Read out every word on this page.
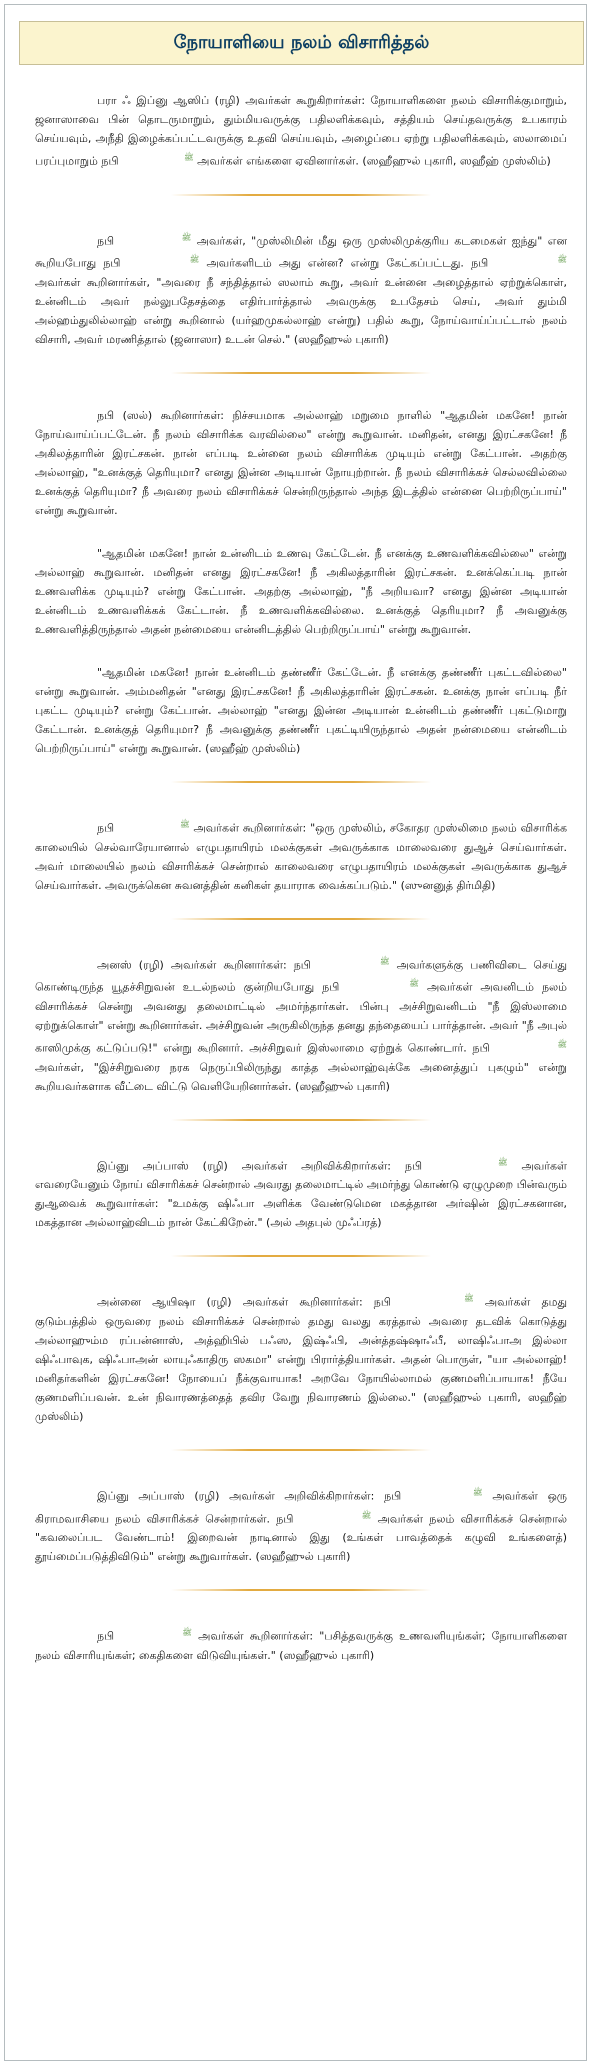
நோயாளியை நலம் விசாரித்தல்

பரா ஃ இப்னு ஆஸிப் (ரழி) அவர்கள் கூறுகிறார்கள்: நோயாளிகளை நலம் விசாரிக்குமாறும், ஜனாஸாவை பின் தொடருமாறும், தும்மியவருக்கு பதிலளிக்கவும், சத்தியம் செய்தவருக்கு உபகாரம் செய்யவும், அநீதி இழைக்கப்பட்டவருக்கு உதவி செய்யவும், அழைப்பை ஏற்று பதிலளிக்கவும், ஸலாமைப் பரப்புமாறும் நபி	ﷺ அவர்கள் எங்களை ஏவினார்கள். (ஸஹீஹுல் புகாரி, ஸஹீஹ் முஸ்லிம்)

நபி	ﷺ அவர்கள், "முஸ்லிமின் மீது ஒரு முஸ்லிமுக்குரிய கடமைகள் ஐந்து" என கூறியபோது நபி	ﷺ அவர்களிடம் அது என்ன? என்று கேட்கப்பட்டது. நபி	ﷺ அவர்கள் கூறினார்கள், "அவரை நீ சந்தித்தால் ஸலாம் கூறு, அவர் உன்னை அழைத்தால் ஏற்றுக்கொள், உன்னிடம் அவர் நல்லுபதேசத்தை எதிர்பார்த்தால் அவருக்கு உபதேசம் செய், அவர் தும்மி அல்ஹம்துலில்லாஹ் என்று கூறினால் (யர்ஹமுகல்லாஹ் என்று) பதில் கூறு, நோய்வாய்ப்பட்டால் நலம் விசாரி, அவர் மரணித்தால் (ஜனாஸா) உடன் செல்." (ஸஹீஹுல் புகாரி)

நபி (ஸல்) கூறினார்கள்: நிச்சயமாக அல்லாஹ் மறுமை நாளில் "ஆதமின் மகனே! நான் நோய்வாய்ப்பட்டேன். நீ நலம் விசாரிக்க வரவில்லை" என்று கூறுவான். மனிதன், எனது இரட்சகனே! நீ அகிலத்தாரின் இரட்சகன். நான் எப்படி உன்னை நலம் விசாரிக்க முடியும் என்று கேட்பான். அதற்கு அல்லாஹ், "உனக்குத் தெரியுமா? எனது இன்ன அடியான் நோயுற்றான். நீ நலம் விசாரிக்கச் செல்லவில்லை உனக்குத் தெரியுமா? நீ அவரை நலம் விசாரிக்கச் சென்றிருந்தால் அந்த இடத்தில் என்னை பெற்றிருப்பாய்" என்று கூறுவான்.

"ஆதமின் மகனே! நான் உன்னிடம் உணவு கேட்டேன். நீ எனக்கு உணவளிக்கவில்லை" என்று அல்லாஹ் கூறுவான். மனிதன் எனது இரட்சகனே! நீ அகிலத்தாரின் இரட்சகன். உனக்கெப்படி நான் உணவளிக்க முடியும்? என்று கேட்பான். அதற்கு அல்லாஹ், "நீ அறியவா? எனது இன்ன அடியான் உன்னிடம் உணவளிக்கக் கேட்டான். நீ உணவளிக்கவில்லை. உனக்குத் தெரியுமா? நீ அவனுக்கு உணவளித்திருந்தால் அதன் நன்மையை என்னிடத்தில் பெற்றிருப்பாய்" என்று கூறுவான்.

"ஆதமின் மகனே! நான் உன்னிடம் தண்ணீர் கேட்டேன். நீ எனக்கு தண்ணீர் புகட்டவில்லை" என்று கூறுவான். அம்மனிதன் "எனது இரட்சகனே! நீ அகிலத்தாரின் இரட்சகன். உனக்கு நான் எப்படி நீர் புகட்ட முடியும்? என்று கேட்பான். அல்லாஹ் "எனது இன்ன அடியான் உன்னிடம் தண்ணீர் புகட்டுமாறு கேட்டான். உனக்குத் தெரியுமா? நீ அவனுக்கு தண்ணீர் புகட்டியிருந்தால் அதன் நன்மையை என்னிடம் பெற்றிருப்பாய்" என்று கூறுவான். (ஸஹீஹ் முஸ்லிம்)

நபி	ﷺ அவர்கள் கூறினார்கள்: "ஒரு முஸ்லிம், சகோதர முஸ்லிமை நலம் விசாரிக்க காலையில் செல்வாரேயானால் எழுபதாயிரம் மலக்குகள் அவருக்காக மாலைவரை துஆச் செய்வார்கள். அவர் மாலையில் நலம் விசாரிக்கச் சென்றால் காலைவரை எழுபதாயிரம் மலக்குகள் அவருக்காக துஆச் செய்வார்கள். அவருக்கென சுவனத்தின் கனிகள் தயாராக வைக்கப்படும்." (ஸுனனுத் திர்மிதி)

அனஸ் (ரழி) அவர்கள் கூறினார்கள்: நபி	ﷺ அவர்களுக்கு பணிவிடை செய்து கொண்டிருந்த யூதச்சிறுவன் உடல்நலம் குன்றியபோது நபி	ﷺ அவர்கள் அவனிடம் நலம் விசாரிக்கச் சென்று அவனது தலைமாட்டில் அமர்ந்தார்கள். பின்பு அச்சிறுவனிடம் "நீ இஸ்லாமை ஏற்றுக்கொள்" என்று கூறினார்கள். அச்சிறுவன் அருகிலிருந்த தனது தந்தையைப் பார்த்தான். அவர் "நீ அபுல் காஸிமுக்கு கட்டுப்படு!" என்று கூறினார். அச்சிறுவர் இஸ்லாமை ஏற்றுக் கொண்டார். நபி	ﷺ அவர்கள், "இச்சிறுவரை நரக நெருப்பிலிருந்து காத்த அல்லாஹ்வுக்கே அனைத்துப் புகழும்" என்று கூறியவர்களாக வீட்டை விட்டு வெளியேறினார்கள். (ஸஹீஹுல் புகாரி)

இப்னு அப்பாஸ் (ரழி) அவர்கள் அறிவிக்கிறார்கள்: நபி	ﷺ அவர்கள் எவரையேனும் நோய் விசாரிக்கச் சென்றால் அவரது தலைமாட்டில் அமர்ந்து கொண்டு ஏழுமுறை பின்வரும் துஆவைக் கூறுவார்கள்: "உமக்கு ஷிஃபா அளிக்க வேண்டுமென மகத்தான அர்ஷின் இரட்சகனான, மகத்தான அல்லாஹ்விடம் நான் கேட்கிறேன்." (அல் அதபுல் முஃப்ரத்)

அன்னை ஆயிஷா (ரழி) அவர்கள் கூறினார்கள்: நபி	ﷺ அவர்கள் தமது குடும்பத்தில் ஒருவரை நலம் விசாரிக்கச் சென்றால் தமது வலது கரத்தால் அவரை தடவிக் கொடுத்து அல்லாஹும்ம ரப்பன்னாஸ், அத்ஹிபில் பஃஸ, இஷ்ஃபி, அன்த்தஷ்ஷாஃபீ, லாஷிஃபாஅ இல்லா ஷிஃபாவுக, ஷிஃபாஅன் லாயுஃகாதிரு ஸகமா" என்று பிரார்த்தியார்கள். அதன் பொருள், "யா அல்லாஹ்! மனிதர்களின் இரட்சகனே! நோயைப் நீக்குவாயாக! அறவே நோயில்லாமல் குணமளிப்பாயாக! நீயே குணமளிப்பவன். உன் நிவாரணத்தைத் தவிர வேறு நிவாரணம் இல்லை." (ஸஹீஹுல் புகாரி, ஸஹீஹ் முஸ்லிம்)

இப்னு அப்பாஸ் (ரழி) அவர்கள் அறிவிக்கிறார்கள்: நபி	ﷺ அவர்கள் ஒரு கிராமவாசியை நலம் விசாரிக்கச் சென்றார்கள். நபி	ﷺ அவர்கள் நலம் விசாரிக்கச் சென்றால் "கவலைப்பட வேண்டாம்! இறைவன் நாடினால் இது (உங்கள் பாவத்தைக் கழுவி உங்களைத்) தூய்மைப்படுத்திவிடும்" என்று கூறுவார்கள். (ஸஹீஹுல் புகாரி)

நபி	ﷺ அவர்கள் கூறினார்கள்: "பசித்தவருக்கு உணவளியுங்கள்; நோயாளிகளை நலம் விசாரியுங்கள்; கைதிகளை விடுவியுங்கள்." (ஸஹீஹுல் புகாரி)
